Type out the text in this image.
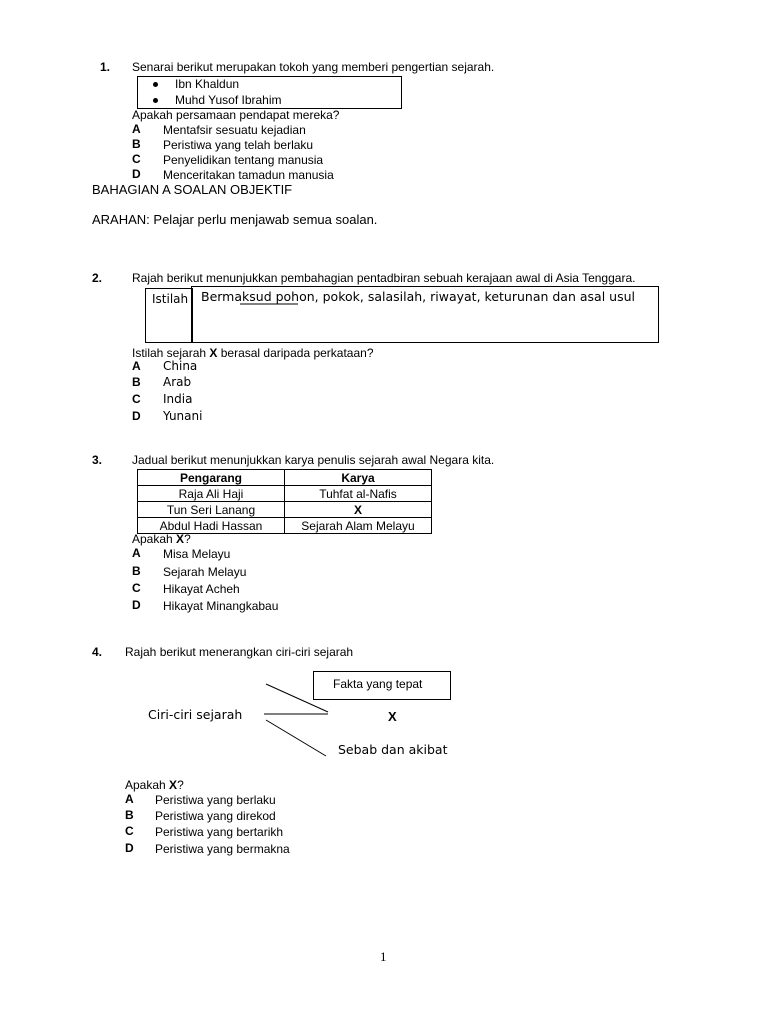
1. Senarai berikut merupakan tokoh yang memberi pengertian sejarah.
Ibn Khaldun
Muhd Yusof Ibrahim
Apakah persamaan pendapat mereka?
A Mentafsir sesuatu kejadian
B Peristiwa yang telah berlaku
C Penyelidikan tentang manusia
D Menceritakan tamadun manusia
BAHAGIAN A SOALAN OBJEKTIF
ARAHAN: Pelajar perlu menjawab semua soalan.
2. Rajah berikut menunjukkan pembahagian pentadbiran sebuah kerajaan awal di Asia Tenggara.
Istilah Bermaksud pohon, pokok, salasilah, riwayat, keturunan dan asal usul
Istilah sejarah X berasal daripada perkataan?
A China
B Arab
C India
D Yunani
3. Jadual berikut menunjukkan karya penulis sejarah awal Negara kita.
Pengarang	Karya
Raja Ali Haji	Tuhfat al-Nafis
Tun Seri Lanang	X
Abdul Hadi Hassan	Sejarah Alam Melayu
Apakah X?
A Misa Melayu
B Sejarah Melayu
C Hikayat Acheh
D Hikayat Minangkabau
4. Rajah berikut menerangkan ciri-ciri sejarah
Fakta yang tepat
Ciri-ciri sejarah	X
Sebab dan akibat
Apakah X?
A Peristiwa yang berlaku
B Peristiwa yang direkod
C Peristiwa yang bertarikh
D Peristiwa yang bermakna
1
